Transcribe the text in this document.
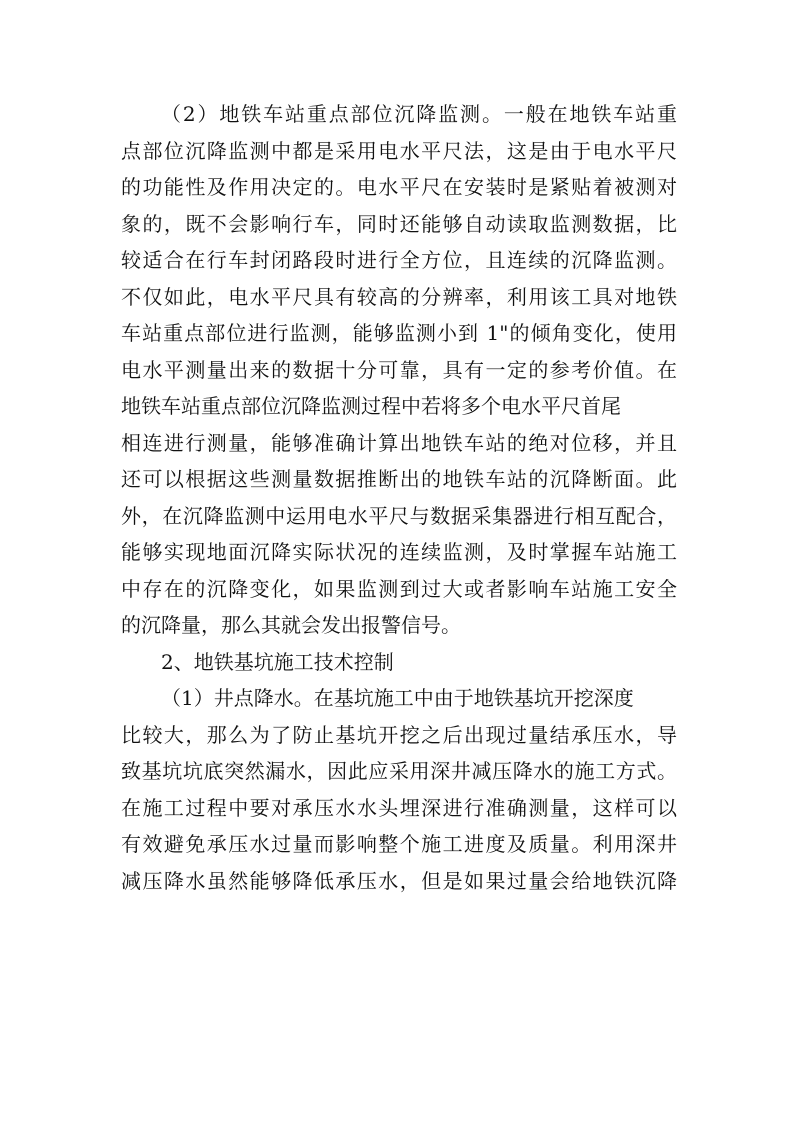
（2）地铁车站重点部位沉降监测。一般在地铁车站重
点部位沉降监测中都是采用电水平尺法，这是由于电水平尺
的功能性及作用决定的。电水平尺在安装时是紧贴着被测对
象的，既不会影响行车，同时还能够自动读取监测数据，比
较适合在行车封闭路段时进行全方位，且连续的沉降监测。
不仅如此，电水平尺具有较高的分辨率，利用该工具对地铁
车站重点部位进行监测，能够监测小到 1"的倾角变化，使用
电水平测量出来的数据十分可靠，具有一定的参考价值。在
地铁车站重点部位沉降监测过程中若将多个电水平尺首尾
相连进行测量，能够准确计算出地铁车站的绝对位移，并且
还可以根据这些测量数据推断出的地铁车站的沉降断面。此
外，在沉降监测中运用电水平尺与数据采集器进行相互配合，
能够实现地面沉降实际状况的连续监测，及时掌握车站施工
中存在的沉降变化，如果监测到过大或者影响车站施工安全
的沉降量，那么其就会发出报警信号。
2、地铁基坑施工技术控制
（1）井点降水。在基坑施工中由于地铁基坑开挖深度
比较大，那么为了防止基坑开挖之后出现过量结承压水，导
致基坑坑底突然漏水，因此应采用深井减压降水的施工方式。
在施工过程中要对承压水水头埋深进行准确测量，这样可以
有效避免承压水过量而影响整个施工进度及质量。利用深井
减压降水虽然能够降低承压水，但是如果过量会给地铁沉降
